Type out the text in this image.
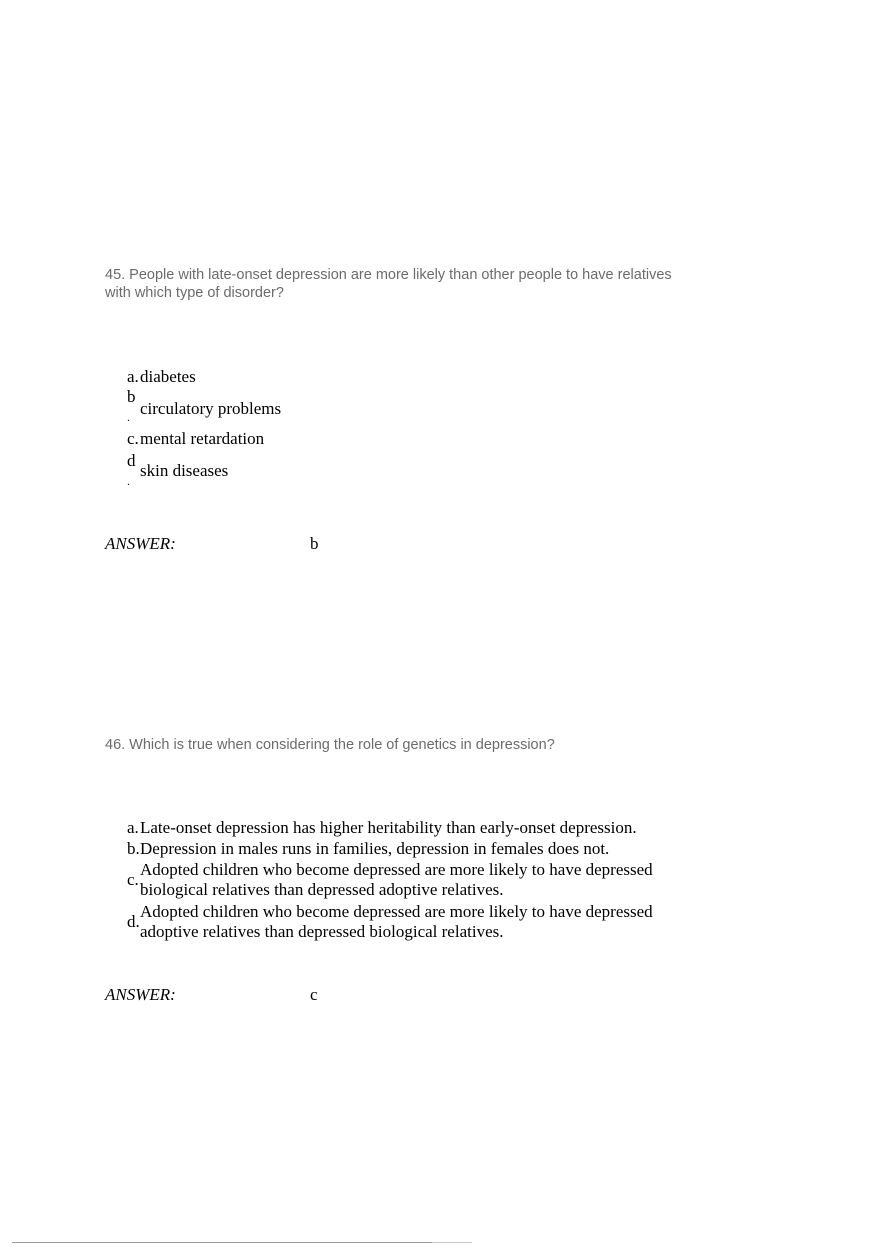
45. People with late-onset depression are more likely than other people to have relatives with which type of disorder?
a. diabetes
b
. circulatory problems
c. mental retardation
d
.
skin diseases
ANSWER:	b
46. Which is true when considering the role of genetics in depression?
a. Late-onset depression has higher heritability than early-onset depression.
b. Depression in males runs in families, depression in females does not.
c.
Adopted children who become depressed are more likely to have depressed
biological relatives than depressed adoptive relatives.
d.
Adopted children who become depressed are more likely to have depressed
adoptive relatives than depressed biological relatives.
ANSWER:	c
